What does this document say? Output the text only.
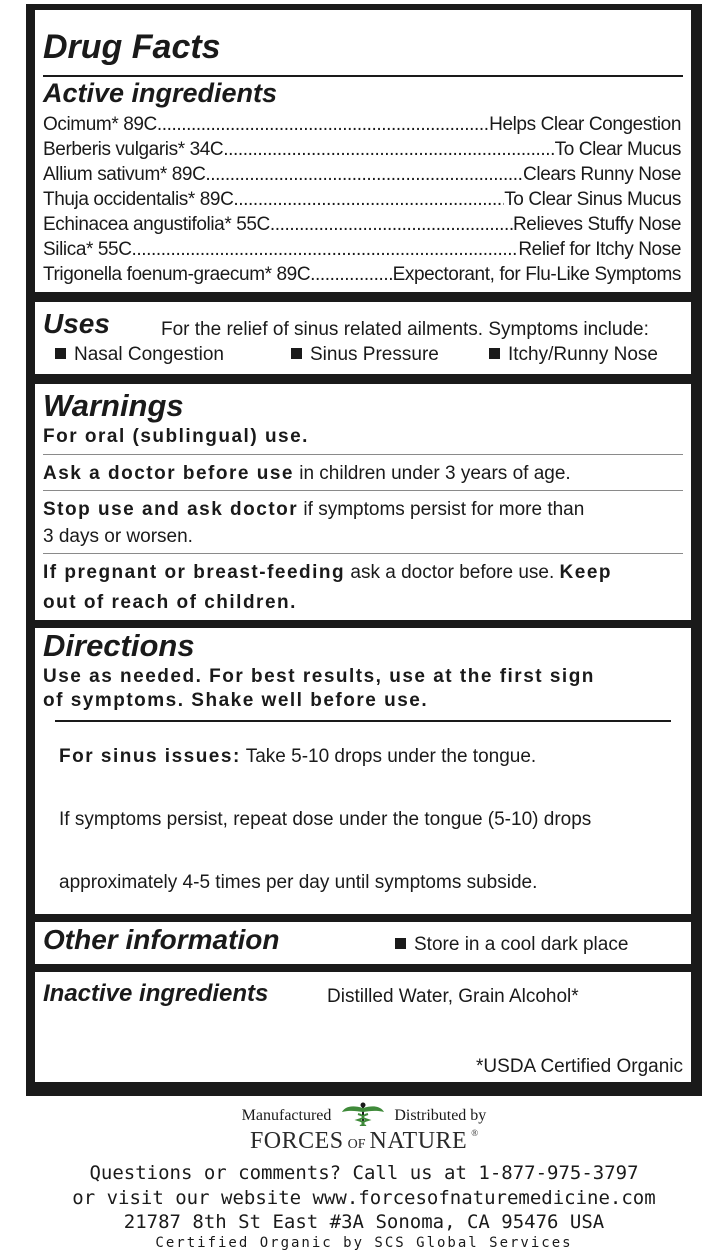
Drug Facts
Active ingredients
Ocimum* 89C .....	Helps Clear Congestion
Berberis vulgaris* 34C .....	To Clear Mucus
Allium sativum* 89C .....	Clears Runny Nose
Thuja occidentalis* 89C .....	To Clear Sinus Mucus
Echinacea angustifolia* 55C .....	Relieves Stuffy Nose
Silica* 55C .....	Relief for Itchy Nose
Trigonella foenum-graecum* 89C .....	Expectorant, for Flu-Like Symptoms
Uses	For the relief of sinus related ailments. Symptoms include:
Nasal Congestion	Sinus Pressure	Itchy/Runny Nose
Warnings
For oral (sublingual) use.
Ask a doctor before use in children under 3 years of age.
Stop use and ask doctor if symptoms persist for more than
3 days or worsen.
If pregnant or breast-feeding ask a doctor before use. Keep
out of reach of children.
Directions
Use as needed. For best results, use at the first sign
of symptoms. Shake well before use.
For sinus issues: Take 5-10 drops under the tongue.
If symptoms persist, repeat dose under the tongue (5-10) drops
approximately 4-5 times per day until symptoms subside.
Other information	Store in a cool dark place
Inactive ingredients	Distilled Water, Grain Alcohol*
*USDA Certified Organic
Manufactured	Distributed by
FORCES OF NATURE ®
Questions or comments? Call us at 1-877-975-3797
or visit our website www.forcesofnaturemedicine.com
21787 8th St East #3A Sonoma, CA 95476 USA
Certified Organic by SCS Global Services
